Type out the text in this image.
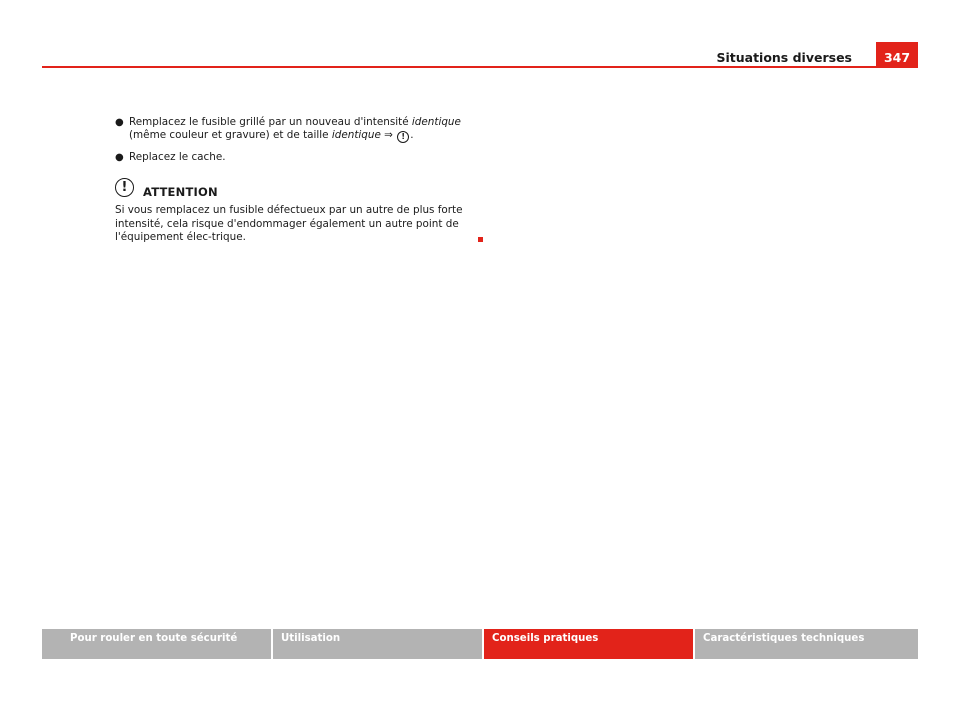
Situations diverses	347

● Remplacez le fusible grillé par un nouveau d'intensité identique (même couleur et gravure) et de taille identique ⇒ ! .

● Replacez le cache.

!	ATTENTION

Si vous remplacez un fusible défectueux par un autre de plus forte intensité, cela risque d'endommager également un autre point de l'équipement élec-trique.

Pour rouler en toute sécurité	Utilisation	Conseils pratiques	Caractéristiques techniques
